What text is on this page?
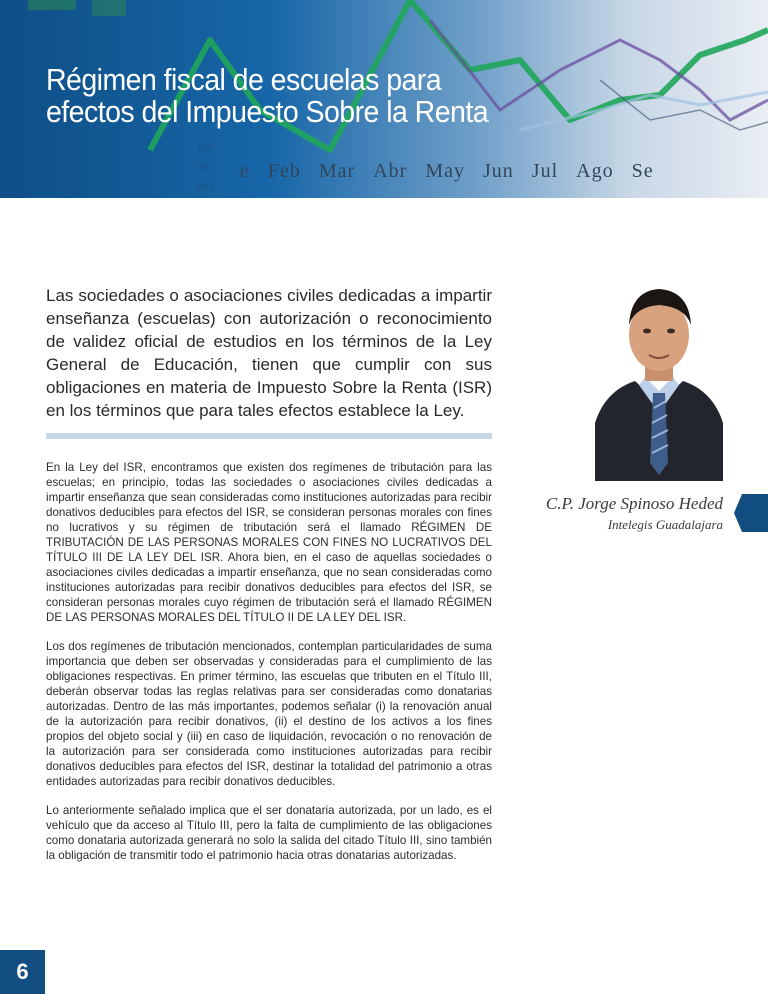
100
00
001
e Feb Mar Abr May Jun Jul Ago Se
Régimen fiscal de escuelas para
efectos del Impuesto Sobre la Renta

Las sociedades o asociaciones civiles dedicadas a impartir enseñanza (escuelas) con autorización o reconocimiento de validez oficial de estudios en los términos de la Ley General de Educación, tienen que cumplir con sus obligaciones en materia de Impuesto Sobre la Renta (ISR) en los términos que para tales efectos establece la Ley.

En la Ley del ISR, encontramos que existen dos regímenes de tributación para las escuelas; en principio, todas las sociedades o asociaciones civiles dedicadas a impartir enseñanza que sean consideradas como instituciones autorizadas para recibir donativos deducibles para efectos del ISR, se consideran personas morales con fines no lucrativos y su régimen de tributación será el llamado RÉGIMEN DE TRIBUTACIÓN DE LAS PERSONAS MORALES CON FINES NO LUCRATIVOS DEL TÍTULO III DE LA LEY DEL ISR. Ahora bien, en el caso de aquellas sociedades o asociaciones civiles dedicadas a impartir enseñanza, que no sean consideradas como instituciones autorizadas para recibir donativos deducibles para efectos del ISR, se consideran personas morales cuyo régimen de tributación será el llamado RÉGIMEN DE LAS PERSONAS MORALES DEL TÍTULO II DE LA LEY DEL ISR.

Los dos regímenes de tributación mencionados, contemplan particularidades de suma importancia que deben ser observadas y consideradas para el cumplimiento de las obligaciones respectivas. En primer término, las escuelas que tributen en el Título III, deberán observar todas las reglas relativas para ser consideradas como donatarias autorizadas. Dentro de las más importantes, podemos señalar (i) la renovación anual de la autorización para recibir donativos, (ii) el destino de los activos a los fines propios del objeto social y (iii) en caso de liquidación, revocación o no renovación de la autorización para ser considerada como instituciones autorizadas para recibir donativos deducibles para efectos del ISR, destinar la totalidad del patrimonio a otras entidades autorizadas para recibir donativos deducibles.

Lo anteriormente señalado implica que el ser donataria autorizada, por un lado, es el vehículo que da acceso al Título III, pero la falta de cumplimiento de las obligaciones como donataria autorizada generará no solo la salida del citado Título III, sino también la obligación de transmitir todo el patrimonio hacia otras donatarias autorizadas.

C.P. Jorge Spinoso Heded
Intelegis Guadalajara
6
